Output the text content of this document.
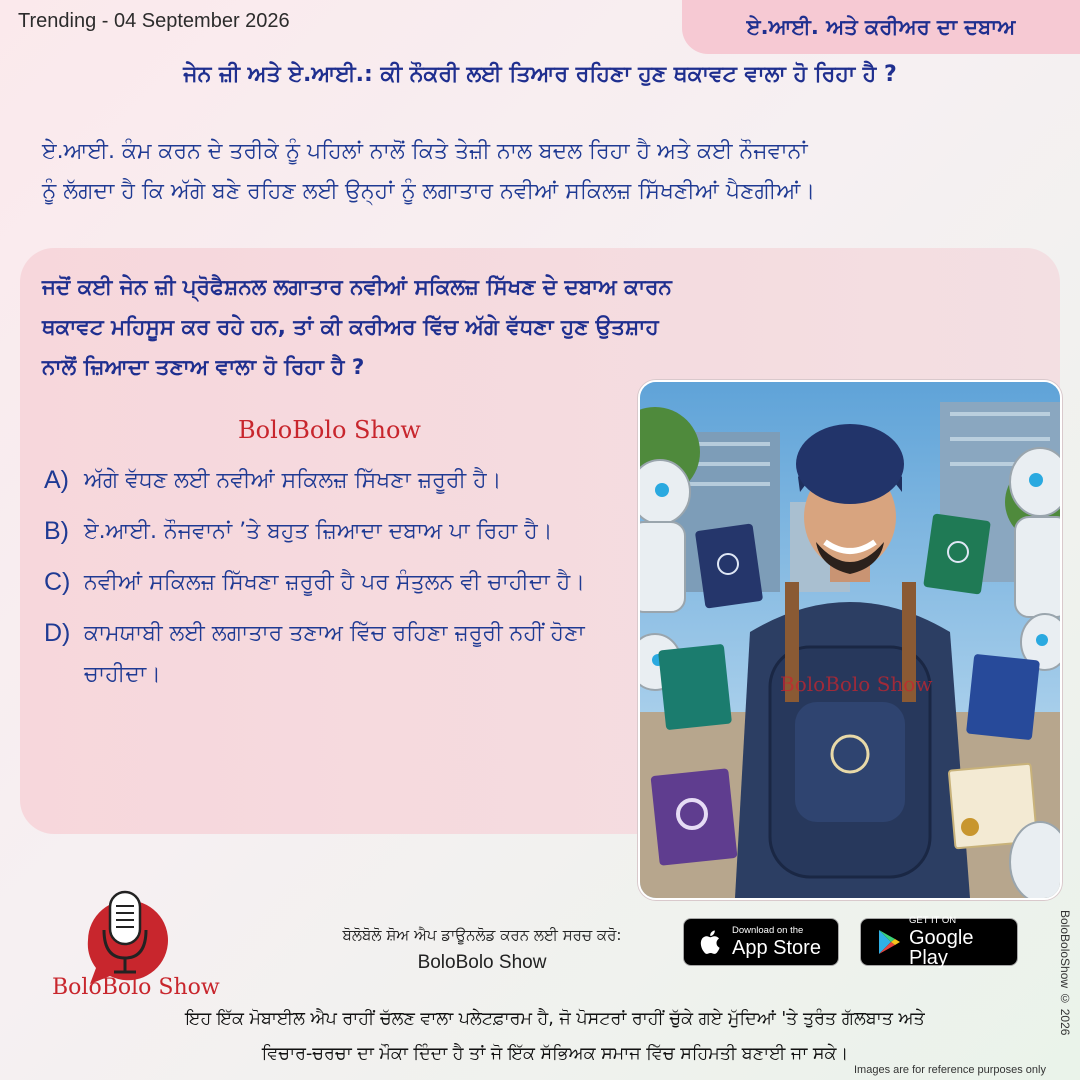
Trending - 04 September 2026	ਏ.ਆਈ. ਅਤੇ ਕਰੀਅਰ ਦਾ ਦਬਾਅ
ਜੇਨ ਜ਼ੀ ਅਤੇ ਏ.ਆਈ.: ਕੀ ਨੌਕਰੀ ਲਈ ਤਿਆਰ ਰਹਿਣਾ ਹੁਣ ਥਕਾਵਟ ਵਾਲਾ ਹੋ ਰਿਹਾ ਹੈ ?
ਏ.ਆਈ. ਕੰਮ ਕਰਨ ਦੇ ਤਰੀਕੇ ਨੂੰ ਪਹਿਲਾਂ ਨਾਲੋਂ ਕਿਤੇ ਤੇਜ਼ੀ ਨਾਲ ਬਦਲ ਰਿਹਾ ਹੈ ਅਤੇ ਕਈ ਨੌਜਵਾਨਾਂ
ਨੂੰ ਲੱਗਦਾ ਹੈ ਕਿ ਅੱਗੇ ਬਣੇ ਰਹਿਣ ਲਈ ਉਨ੍ਹਾਂ ਨੂੰ ਲਗਾਤਾਰ ਨਵੀਆਂ ਸਕਿਲਜ਼ ਸਿੱਖਣੀਆਂ ਪੈਣਗੀਆਂ।
ਜਦੋਂ ਕਈ ਜੇਨ ਜ਼ੀ ਪ੍ਰੋਫੈਸ਼ਨਲ ਲਗਾਤਾਰ ਨਵੀਆਂ ਸਕਿਲਜ਼ ਸਿੱਖਣ ਦੇ ਦਬਾਅ ਕਾਰਨ
ਥਕਾਵਟ ਮਹਿਸੂਸ ਕਰ ਰਹੇ ਹਨ, ਤਾਂ ਕੀ ਕਰੀਅਰ ਵਿੱਚ ਅੱਗੇ ਵੱਧਣਾ ਹੁਣ ਉਤਸ਼ਾਹ
ਨਾਲੋਂ ਜ਼ਿਆਦਾ ਤਣਾਅ ਵਾਲਾ ਹੋ ਰਿਹਾ ਹੈ ?
BoloBolo Show
A) ਅੱਗੇ ਵੱਧਣ ਲਈ ਨਵੀਆਂ ਸਕਿਲਜ਼ ਸਿੱਖਣਾ ਜ਼ਰੂਰੀ ਹੈ।
B) ਏ.ਆਈ. ਨੌਜਵਾਨਾਂ ’ਤੇ ਬਹੁਤ ਜ਼ਿਆਦਾ ਦਬਾਅ ਪਾ ਰਿਹਾ ਹੈ।
C) ਨਵੀਆਂ ਸਕਿਲਜ਼ ਸਿੱਖਣਾ ਜ਼ਰੂਰੀ ਹੈ ਪਰ ਸੰਤੁਲਨ ਵੀ ਚਾਹੀਦਾ ਹੈ।
D) ਕਾਮਯਾਬੀ ਲਈ ਲਗਾਤਾਰ ਤਣਾਅ ਵਿੱਚ ਰਹਿਣਾ ਜ਼ਰੂਰੀ ਨਹੀਂ ਹੋਣਾ ਚਾਹੀਦਾ।	BoloBolo Show
BoloBolo Show
ਬੋਲੋਬੋਲੋ ਸ਼ੋਅ ਐਪ ਡਾਊਨਲੋਡ ਕਰਨ ਲਈ ਸਰਚ ਕਰੋ:
BoloBolo Show
Download on the
App Store
GET IT ON
Google Play
ਇਹ ਇੱਕ ਮੋਬਾਈਲ ਐਪ ਰਾਹੀਂ ਚੱਲਣ ਵਾਲਾ ਪਲੇਟਫ਼ਾਰਮ ਹੈ, ਜੋ ਪੋਸਟਰਾਂ ਰਾਹੀਂ ਚੁੱਕੇ ਗਏ ਮੁੱਦਿਆਂ 'ਤੇ ਤੁਰੰਤ ਗੱਲਬਾਤ ਅਤੇ
ਵਿਚਾਰ-ਚਰਚਾ ਦਾ ਮੌਕਾ ਦਿੰਦਾ ਹੈ ਤਾਂ ਜੋ ਇੱਕ ਸੱਭਿਅਕ ਸਮਾਜ ਵਿੱਚ ਸਹਿਮਤੀ ਬਣਾਈ ਜਾ ਸਕੇ।
BoloBoloShow © 2026
Images are for reference purposes only
